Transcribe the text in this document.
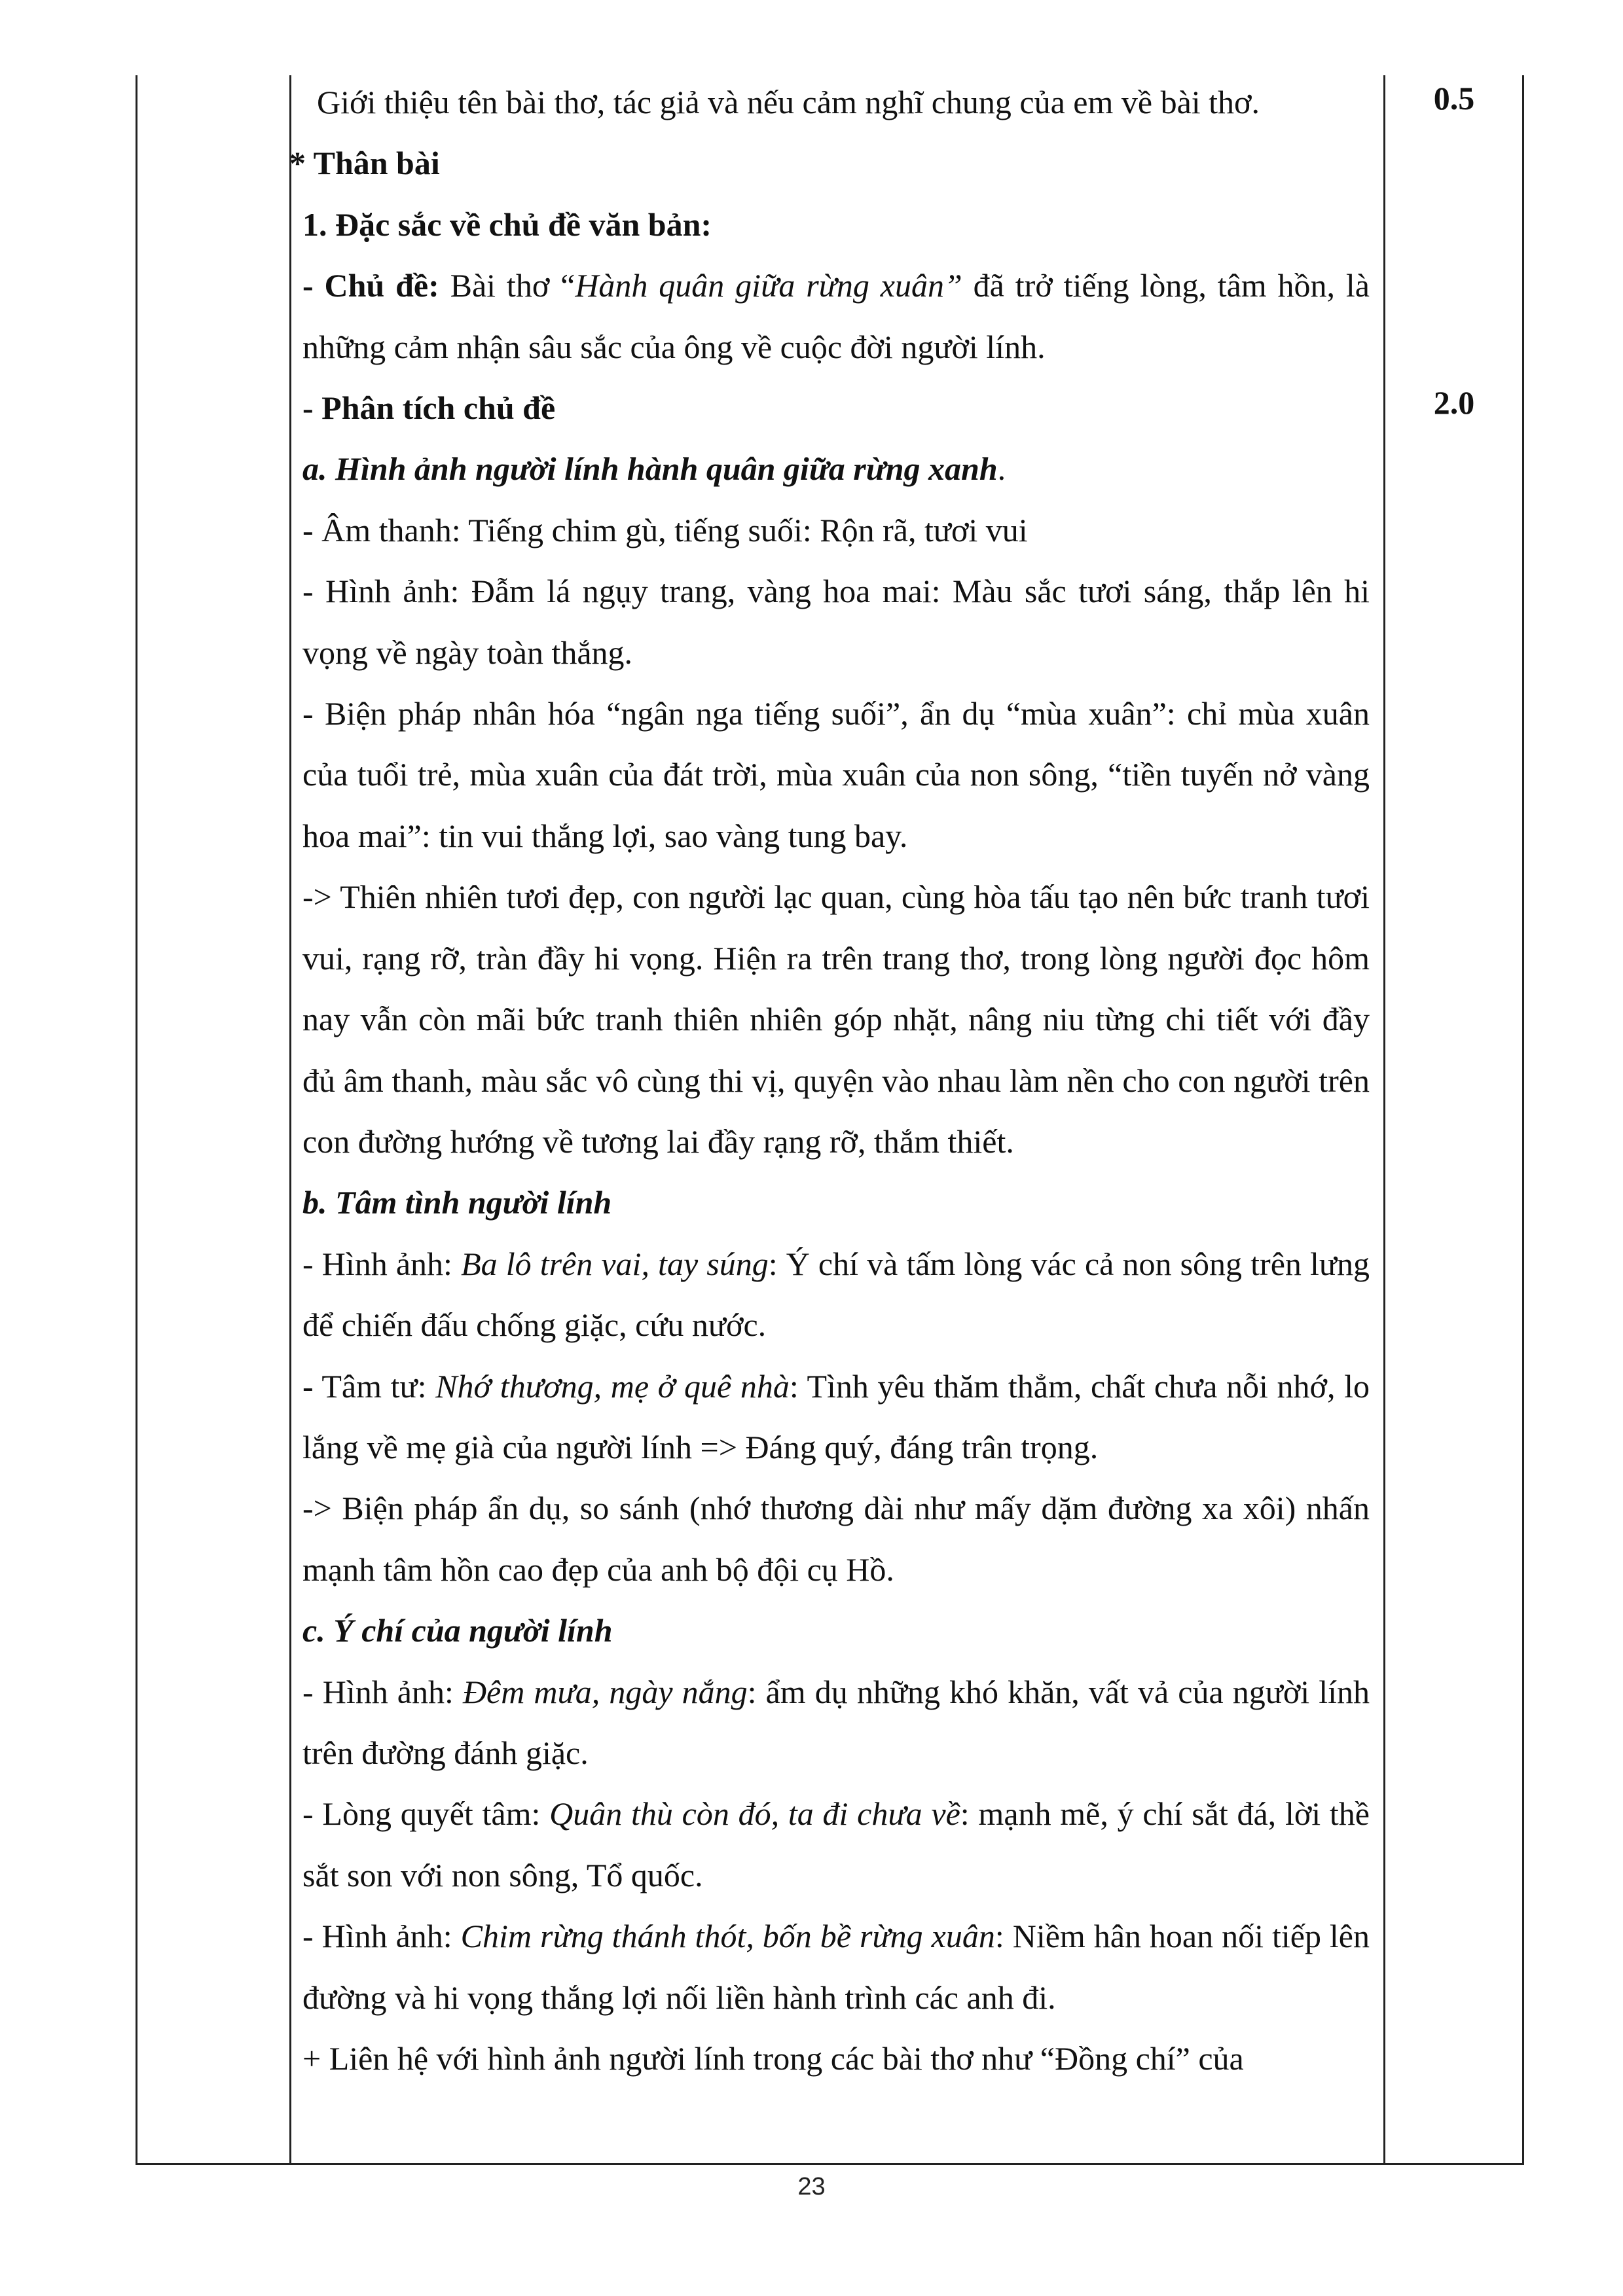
0.5
2.0

Giới thiệu tên bài thơ, tác giả và nếu cảm nghĩ chung của em về bài thơ.

* Thân bài

1. Đặc sắc về chủ đề văn bản:

- Chủ đề: Bài thơ “Hành quân giữa rừng xuân” đã trở tiếng lòng, tâm hồn, là những cảm nhận sâu sắc của ông về cuộc đời người lính.

- Phân tích chủ đề

a. Hình ảnh người lính hành quân giữa rừng xanh.

- Âm thanh: Tiếng chim gù, tiếng suối: Rộn rã, tươi vui

- Hình ảnh: Đẫm lá ngụy trang, vàng hoa mai: Màu sắc tươi sáng, thắp lên hi vọng về ngày toàn thắng.

- Biện pháp nhân hóa “ngân nga tiếng suối”, ẩn dụ “mùa xuân”: chỉ mùa xuân của tuổi trẻ, mùa xuân của đát trời, mùa xuân của non sông, “tiền tuyến nở vàng hoa mai”: tin vui thắng lợi, sao vàng tung bay.

-> Thiên nhiên tươi đẹp, con người lạc quan, cùng hòa tấu tạo nên bức tranh tươi vui, rạng rỡ, tràn đầy hi vọng. Hiện ra trên trang thơ, trong lòng người đọc hôm nay vẫn còn mãi bức tranh thiên nhiên góp nhặt, nâng niu từng chi tiết với đầy đủ âm thanh, màu sắc vô cùng thi vị, quyện vào nhau làm nền cho con người trên con đường hướng về tương lai đầy rạng rỡ, thắm thiết.

b. Tâm tình người lính

- Hình ảnh: Ba lô trên vai, tay súng: Ý chí và tấm lòng vác cả non sông trên lưng để chiến đấu chống giặc, cứu nước.

- Tâm tư: Nhớ thương, mẹ ở quê nhà: Tình yêu thăm thẳm, chất chưa nỗi nhớ, lo lắng về mẹ già của người lính => Đáng quý, đáng trân trọng.

-> Biện pháp ẩn dụ, so sánh (nhớ thương dài như mấy dặm đường xa xôi) nhấn mạnh tâm hồn cao đẹp của anh bộ đội cụ Hồ.

c. Ý chí của người lính

- Hình ảnh: Đêm mưa, ngày nắng: ẩm dụ những khó khăn, vất vả của người lính trên đường đánh giặc.

- Lòng quyết tâm: Quân thù còn đó, ta đi chưa về: mạnh mẽ, ý chí sắt đá, lời thề sắt son với non sông, Tổ quốc.

- Hình ảnh: Chim rừng thánh thót, bốn bề rừng xuân: Niềm hân hoan nối tiếp lên đường và hi vọng thắng lợi nối liền hành trình các anh đi.

+ Liên hệ với hình ảnh người lính trong các bài thơ như “Đồng chí” của

23
